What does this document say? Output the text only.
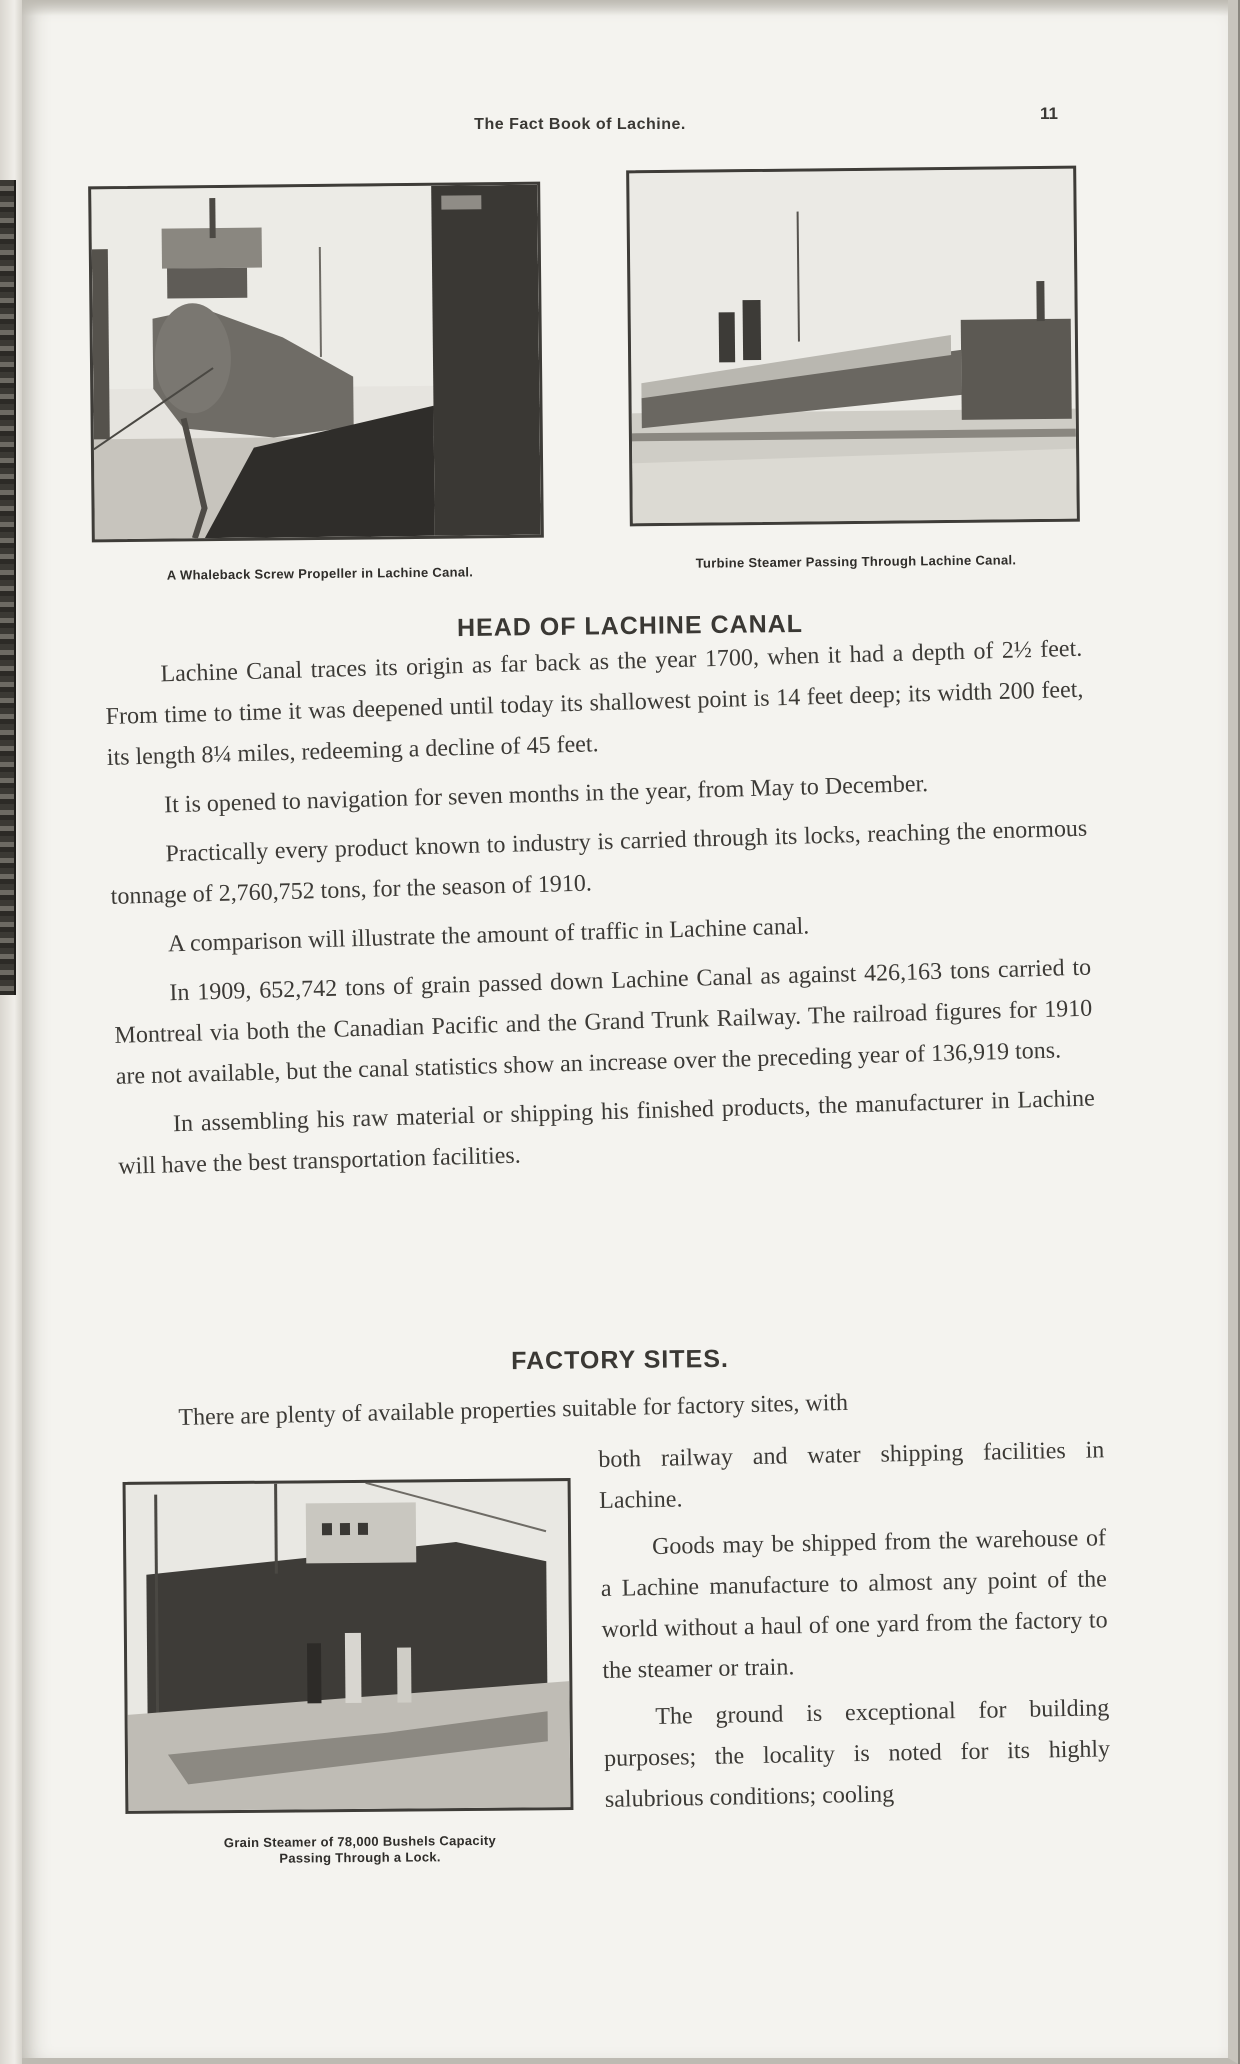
The Fact Book of Lachine.
11
A Whaleback Screw Propeller in Lachine Canal.
Turbine Steamer Passing Through Lachine Canal.
HEAD OF LACHINE CANAL

Lachine Canal traces its origin as far back as the year 1700, when it had a depth of 2½ feet. From time to time it was deepened until today its shallowest point is 14 feet deep; its width 200 feet, its length 8¼ miles, redeeming a decline of 45 feet.

It is opened to navigation for seven months in the year, from May to December.

Practically every product known to industry is carried through its locks, reaching the enormous tonnage of 2,760,752 tons, for the season of 1910.

A comparison will illustrate the amount of traffic in Lachine canal.

In 1909, 652,742 tons of grain passed down Lachine Canal as against 426,163 tons carried to Montreal via both the Canadian Pacific and the Grand Trunk Railway. The railroad figures for 1910 are not available, but the canal statistics show an increase over the preceding year of 136,919 tons.

In assembling his raw material or shipping his finished products, the manufacturer in Lachine will have the best transportation facilities.

FACTORY SITES.

There are plenty of available properties suitable for factory sites, with

Grain Steamer of 78,000 Bushels Capacity
Passing Through a Lock.

both railway and water shipping facilities in Lachine.

Goods may be shipped from the warehouse of a Lachine manufacture to almost any point of the world without a haul of one yard from the factory to the steamer or train.

The ground is exceptional for building purposes; the locality is noted for its highly salubrious conditions; cooling
